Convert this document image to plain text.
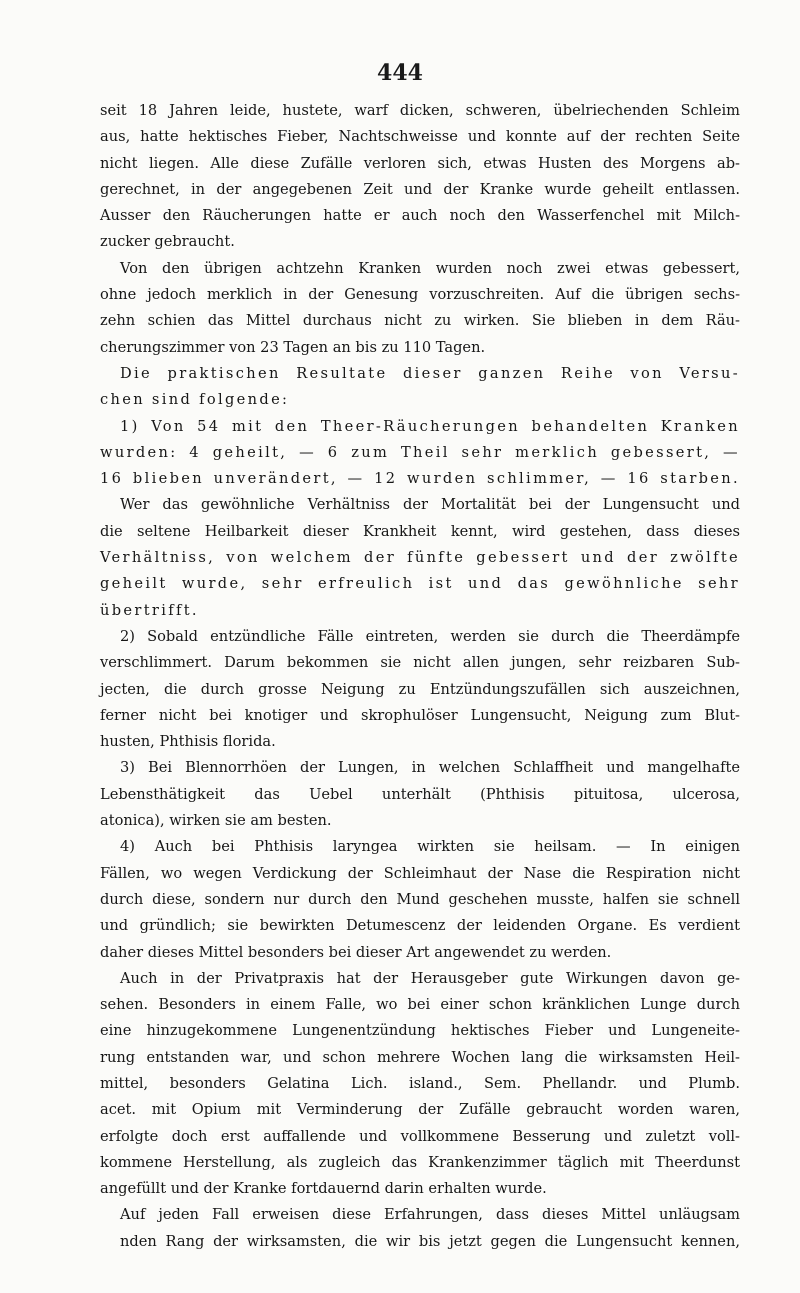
444
seit 18 Jahren leide, hustete, warf dicken, schweren, übelriechenden Schleim
aus, hatte hektisches Fieber, Nachtschweisse und konnte auf der rechten Seite
nicht liegen. Alle diese Zufälle verloren sich, etwas Husten des Morgens ab-
gerechnet, in der angegebenen Zeit und der Kranke wurde geheilt entlassen.
Ausser den Räucherungen hatte er auch noch den Wasserfenchel mit Milch-
zucker gebraucht.
Von den übrigen achtzehn Kranken wurden noch zwei etwas gebessert,
ohne jedoch merklich in der Genesung vorzuschreiten. Auf die übrigen sechs-
zehn schien das Mittel durchaus nicht zu wirken. Sie blieben in dem Räu-
cherungszimmer von 23 Tagen an bis zu 110 Tagen.
Die praktischen Resultate dieser ganzen Reihe von Versu-
chen sind folgende:
1) Von 54 mit den Theer-Räucherungen behandelten Kranken
wurden: 4 geheilt, — 6 zum Theil sehr merklich gebessert, —
16 blieben unverändert, — 12 wurden schlimmer, — 16 starben.
Wer das gewöhnliche Verhältniss der Mortalität bei der Lungensucht und
die seltene Heilbarkeit dieser Krankheit kennt, wird gestehen, dass dieses
Verhältniss, von welchem der fünfte gebessert und der zwölfte
geheilt wurde, sehr erfreulich ist und das gewöhnliche sehr
übertrifft.
2) Sobald entzündliche Fälle eintreten, werden sie durch die Theerdämpfe
verschlimmert. Darum bekommen sie nicht allen jungen, sehr reizbaren Sub-
jecten, die durch grosse Neigung zu Entzündungszufällen sich auszeichnen,
ferner nicht bei knotiger und skrophulöser Lungensucht, Neigung zum Blut-
husten, Phthisis florida.
3) Bei Blennorrhöen der Lungen, in welchen Schlaffheit und mangelhafte
Lebensthätigkeit das Uebel unterhält (Phthisis pituitosa, ulcerosa,
atonica), wirken sie am besten.
4) Auch bei Phthisis laryngea wirkten sie heilsam. — In einigen
Fällen, wo wegen Verdickung der Schleimhaut der Nase die Respiration nicht
durch diese, sondern nur durch den Mund geschehen musste, halfen sie schnell
und gründlich; sie bewirkten Detumescenz der leidenden Organe. Es verdient
daher dieses Mittel besonders bei dieser Art angewendet zu werden.
Auch in der Privatpraxis hat der Herausgeber gute Wirkungen davon ge-
sehen. Besonders in einem Falle, wo bei einer schon kränklichen Lunge durch
eine hinzugekommene Lungenentzündung hektisches Fieber und Lungeneite-
rung entstanden war, und schon mehrere Wochen lang die wirksamsten Heil-
mittel, besonders Gelatina Lich. island., Sem. Phellandr. und Plumb.
acet. mit Opium mit Verminderung der Zufälle gebraucht worden waren,
erfolgte doch erst auffallende und vollkommene Besserung und zuletzt voll-
kommene Herstellung, als zugleich das Krankenzimmer täglich mit Theerdunst
angefüllt und der Kranke fortdauernd darin erhalten wurde.
Auf jeden Fall erweisen diese Erfahrungen, dass dieses Mittel unläugsam
nden Rang der wirksamsten, die wir bis jetzt gegen die Lungensucht kennen,
